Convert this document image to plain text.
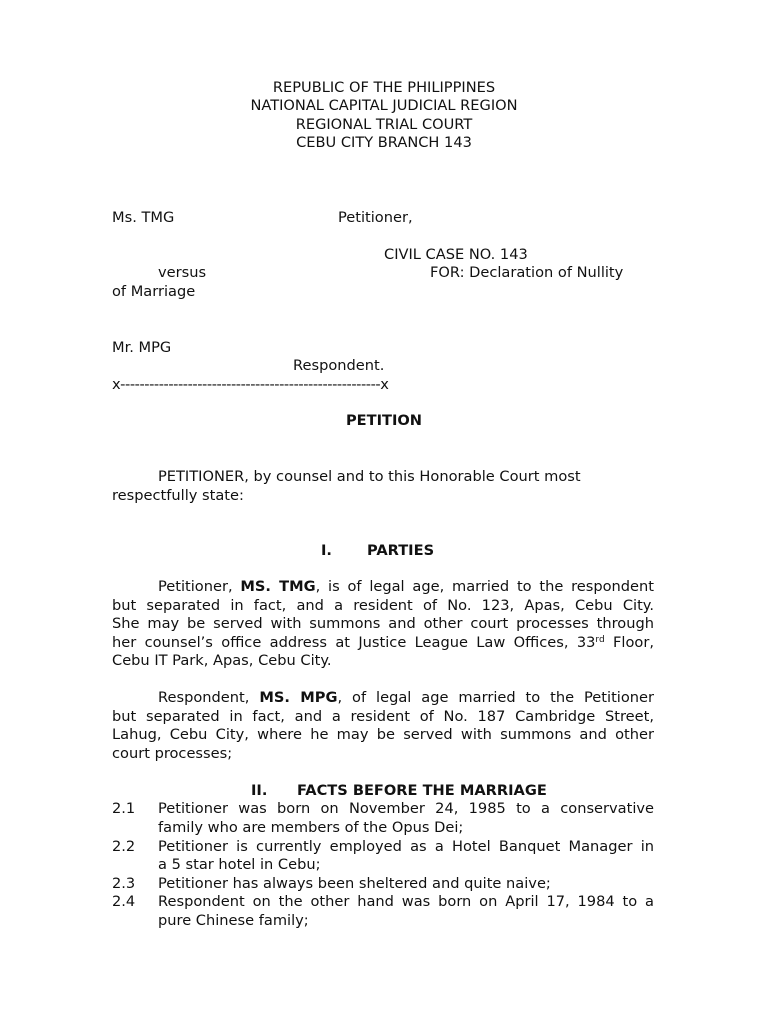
REPUBLIC OF THE PHILIPPINES
NATIONAL CAPITAL JUDICIAL REGION
REGIONAL TRIAL COURT
CEBU CITY BRANCH 143
Ms. TMG	Petitioner,
CIVIL CASE NO. 143
versus	FOR: Declaration of Nullity
of Marriage
Mr. MPG
Respondent.
x------------------------------------------------------x
PETITION
PETITIONER, by counsel and to this Honorable Court most
respectfully state:
I. PARTIES
Petitioner, MS. TMG, is of legal age, married to the respondent
but separated in fact, and a resident of No. 123, Apas, Cebu City.
She may be served with summons and other court processes through
her counsel’s office address at Justice League Law Offices, 33rd Floor,
Cebu IT Park, Apas, Cebu City.
Respondent, MS. MPG, of legal age married to the Petitioner
but separated in fact, and a resident of No. 187 Cambridge Street,
Lahug, Cebu City, where he may be served with summons and other
court processes;
II. FACTS BEFORE THE MARRIAGE
2.1 Petitioner was born on November 24, 1985 to a conservative
family who are members of the Opus Dei;
2.2 Petitioner is currently employed as a Hotel Banquet Manager in
a 5 star hotel in Cebu;
2.3 Petitioner has always been sheltered and quite naive;
2.4 Respondent on the other hand was born on April 17, 1984 to a
pure Chinese family;
